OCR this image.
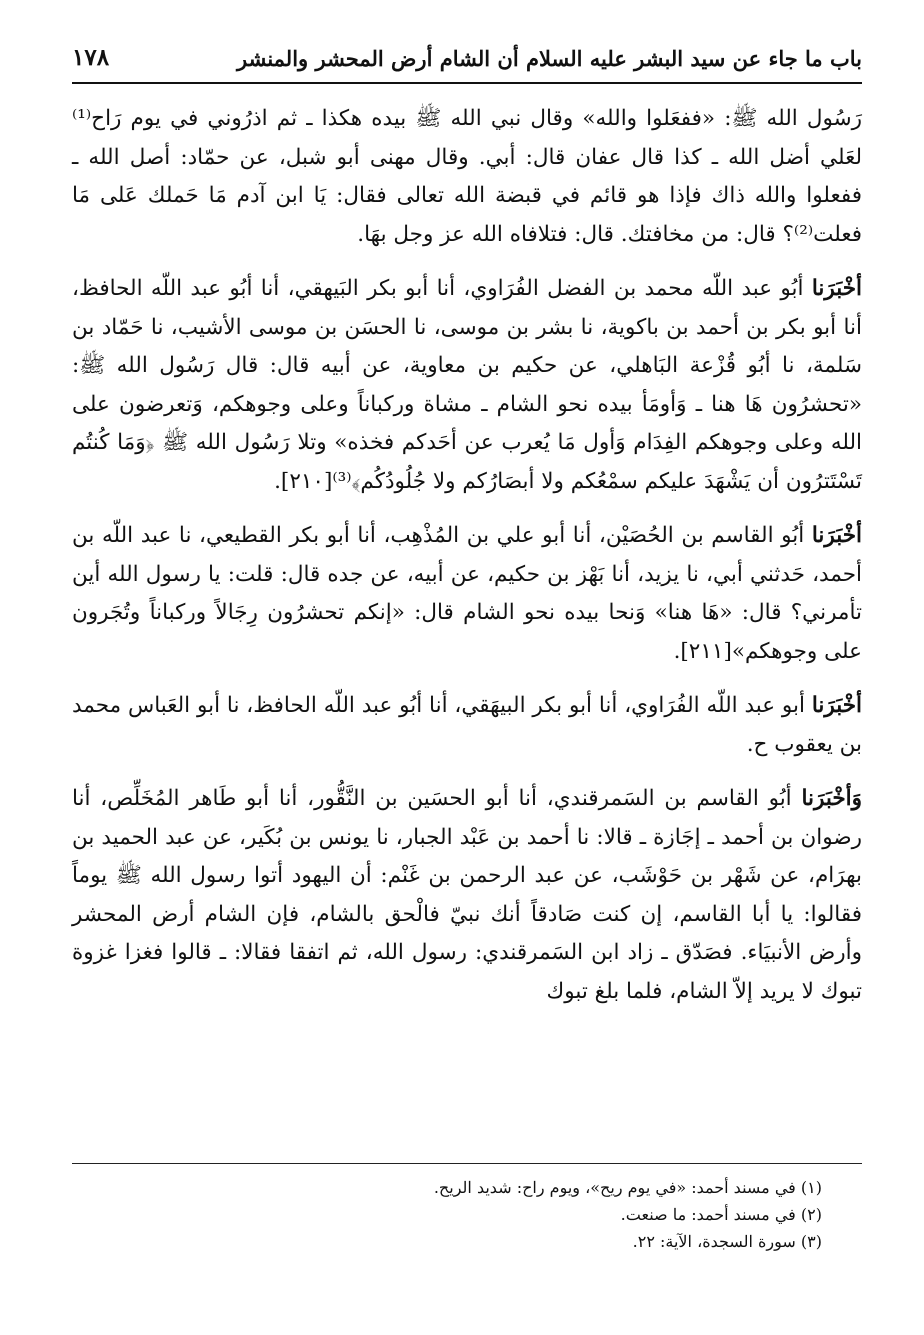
باب ما جاء عن سيد البشر عليه السلام أن الشام أرض المحشر والمنشر
١٧٨

رَسُول الله ﷺ: «ففعَلوا والله» وقال نبي الله ﷺ بيده هكذا ـ ثم اذرُوني في يوم رَاح⁽¹⁾ لعَلي أضل الله ـ كذا قال عفان قال: أبي. وقال مهنى أبو شبل، عن حمّاد: أصل الله ـ ففعلوا والله ذاك فإذا هو قائم في قبضة الله تعالى فقال: يَا ابن آدم مَا حَملك عَلى مَا فعلت⁽²⁾؟ قال: من مخافتك. قال: فتلافاه الله عز وجل بهَا.

أخْبَرَنا أبُو عبد اللّه محمد بن الفضل الفُرَاوي، أنا أبو بكر البَيهقي، أنا أبُو عبد اللّه الحافظ، أنا أبو بكر بن أحمد بن باكوية، نا بشر بن موسى، نا الحسَن بن موسى الأشيب، نا حَمّاد بن سَلمة، نا أبُو قُزْعة البَاهلي، عن حكيم بن معاوية، عن أبيه قال: قال رَسُول الله ﷺ: «تحشرُون هَا هنا ـ وَأومَأ بيده نحو الشام ـ مشاة وركباناً وعلى وجوهكم، وَتعرضون على الله وعلى وجوهكم الفِدَام وَأول مَا يُعرب عن أحَدكم فخذه» وتلا رَسُول الله ﷺ ﴿وَمَا كُنتُم تَسْتَترُون أن يَشْهَدَ عليكم سمْعُكم ولا أبصَارُكم ولا جُلُودُكُم﴾⁽³⁾[٢١٠].

أخْبَرَنا أبُو القاسم بن الحُصَيْن، أنا أبو علي بن المُذْهِب، أنا أبو بكر القطيعي، نا عبد اللّه بن أحمد، حَدثني أبي، نا يزيد، أنا بَهْز بن حكيم، عن أبيه، عن جده قال: قلت: يا رسول الله أين تأمرني؟ قال: «هَا هنا» وَنحا بيده نحو الشام قال: «إنكم تحشرُون رِجَالاً وركباناً وتُجَرون على وجوهكم»[٢١١].

أخْبَرَنا أبو عبد اللّه الفُرَاوي، أنا أبو بكر البيهَقي، أنا أبُو عبد اللّه الحافظ، نا أبو العَباس محمد بن يعقوب ح.

وَأخْبَرَنا أبُو القاسم بن السَمرقندي، أنا أبو الحسَين بن النَّقُّور، أنا أبو طَاهر المُخَلِّص، أنا رضوان بن أحمد ـ إجَازة ـ قالا: نا أحمد بن عَبْد الجبار، نا يونس بن بُكَير، عن عبد الحميد بن بهرَام، عن شَهْر بن حَوْشَب، عن عبد الرحمن بن غَنْم: أن اليهود أتوا رسول الله ﷺ يوماً فقالوا: يا أبا القاسم، إن كنت صَادقاً أنك نبيّ فالْحق بالشام، فإن الشام أرض المحشر وأرض الأنبيَاء. فصَدّق ـ زاد ابن السَمرقندي: رسول الله، ثم اتفقا فقالا: ـ قالوا فغزا غزوة تبوك لا يريد إلاّ الشام، فلما بلغ تبوك

(١) في مسند أحمد: «في يوم ريح»، ويوم راح: شديد الريح.
(٢) في مسند أحمد: ما صنعت.
(٣) سورة السجدة، الآية: ٢٢.
